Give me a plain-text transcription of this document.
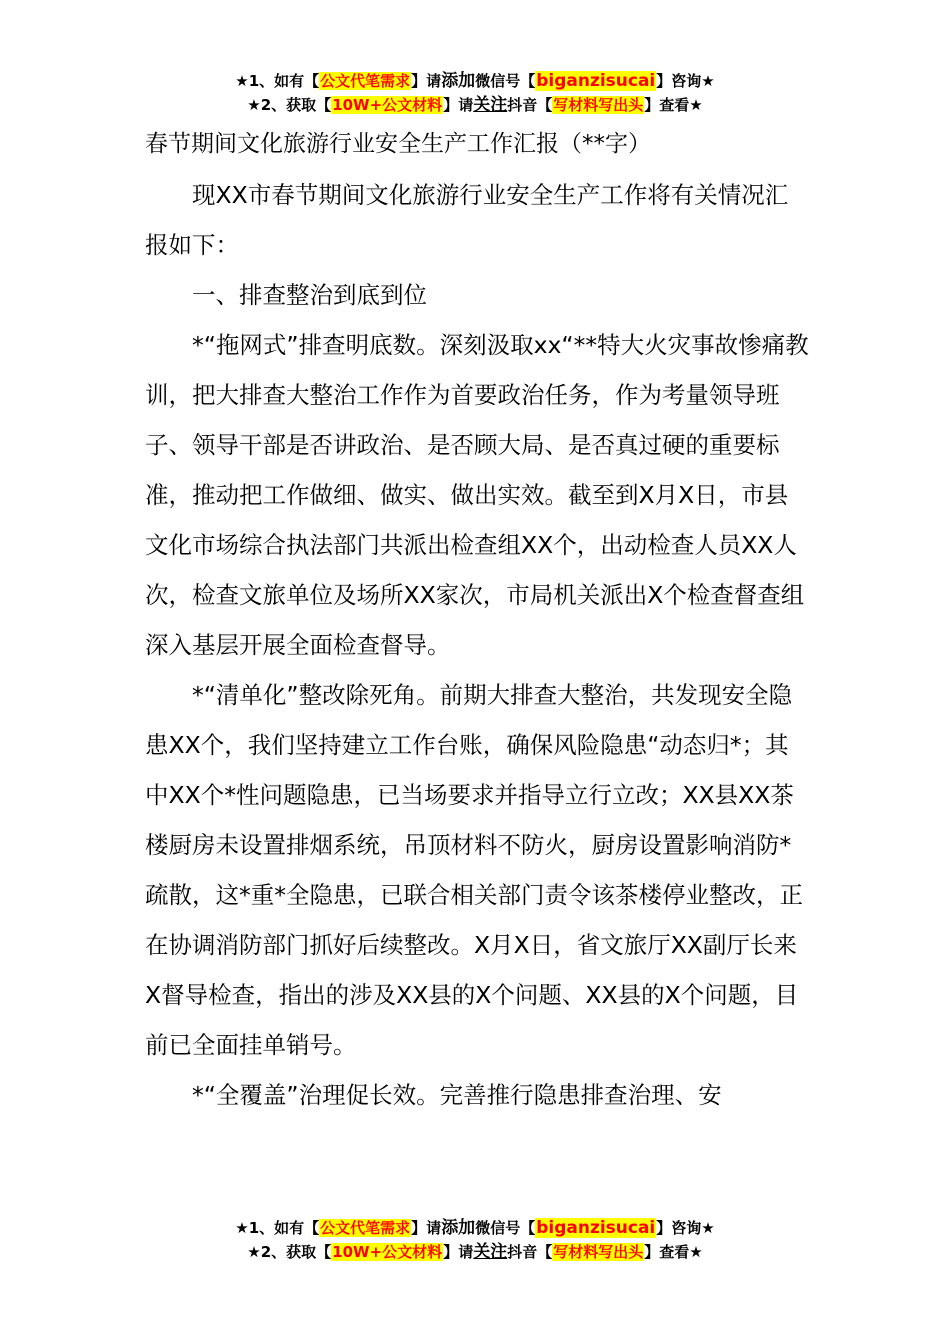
★1、如有【公文代笔需求】请添加微信号【biganzisucai】咨询★
★2、获取【10W+公文材料】请关注抖音【写材料写出头】查看★
春节期间文化旅游行业安全生产工作汇报（**字）

现XX市春节期间文化旅游行业安全生产工作将有关情况汇报如下：

一、排查整治到底到位

*“拖网式”排查明底数。深刻汲取xx“**特大火灾事故惨痛教训，把大排查大整治工作作为首要政治任务，作为考量领导班子、领导干部是否讲政治、是否顾大局、是否真过硬的重要标准，推动把工作做细、做实、做出实效。截至到X月X日，市县文化市场综合执法部门共派出检查组XX个，出动检查人员XX人次，检查文旅单位及场所XX家次，市局机关派出X个检查督查组深入基层开展全面检查督导。

*“清单化”整改除死角。前期大排查大整治，共发现安全隐患XX个，我们坚持建立工作台账，确保风险隐患“动态归*；其中XX个*性问题隐患，已当场要求并指导立行立改；XX县XX茶楼厨房未设置排烟系统，吊顶材料不防火，厨房设置影响消防*疏散，这*重*全隐患，已联合相关部门责令该茶楼停业整改，正在协调消防部门抓好后续整改。X月X日，省文旅厅XX副厅长来X督导检查，指出的涉及XX县的X个问题、XX县的X个问题，目前已全面挂单销号。

*“全覆盖”治理促长效。完善推行隐患排查治理、安

★1、如有【公文代笔需求】请添加微信号【biganzisucai】咨询★
★2、获取【10W+公文材料】请关注抖音【写材料写出头】查看★
